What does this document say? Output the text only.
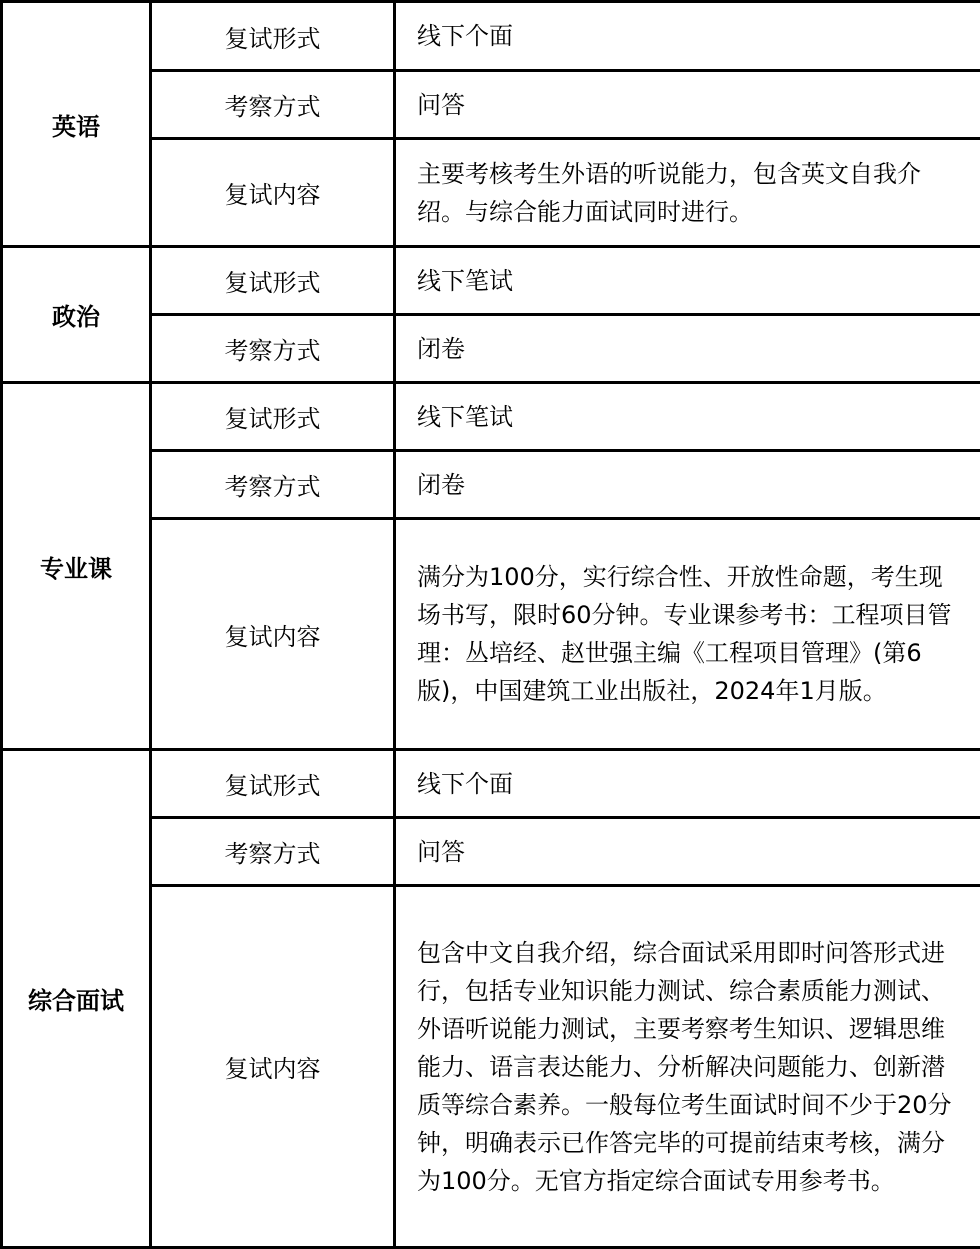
英语	复试形式	线下个面
	考察方式	问答
	复试内容	主要考核考生外语的听说能力，包含英文自我介绍。与综合能力面试同时进行。
政治	复试形式	线下笔试
	考察方式	闭卷
专业课	复试形式	线下笔试
	考察方式	闭卷
	复试内容	满分为100分，实行综合性、开放性命题，考生现场书写，限时60分钟。专业课参考书：工程项目管理：丛培经、赵世强主编《工程项目管理》(第6版)，中国建筑工业出版社，2024年1月版。
综合面试	复试形式	线下个面
	考察方式	问答
	复试内容	包含中文自我介绍，综合面试采用即时问答形式进行，包括专业知识能力测试、综合素质能力测试、外语听说能力测试，主要考察考生知识、逻辑思维能力、语言表达能力、分析解决问题能力、创新潜质等综合素养。一般每位考生面试时间不少于20分钟，明确表示已作答完毕的可提前结束考核，满分为100分。无官方指定综合面试专用参考书。
